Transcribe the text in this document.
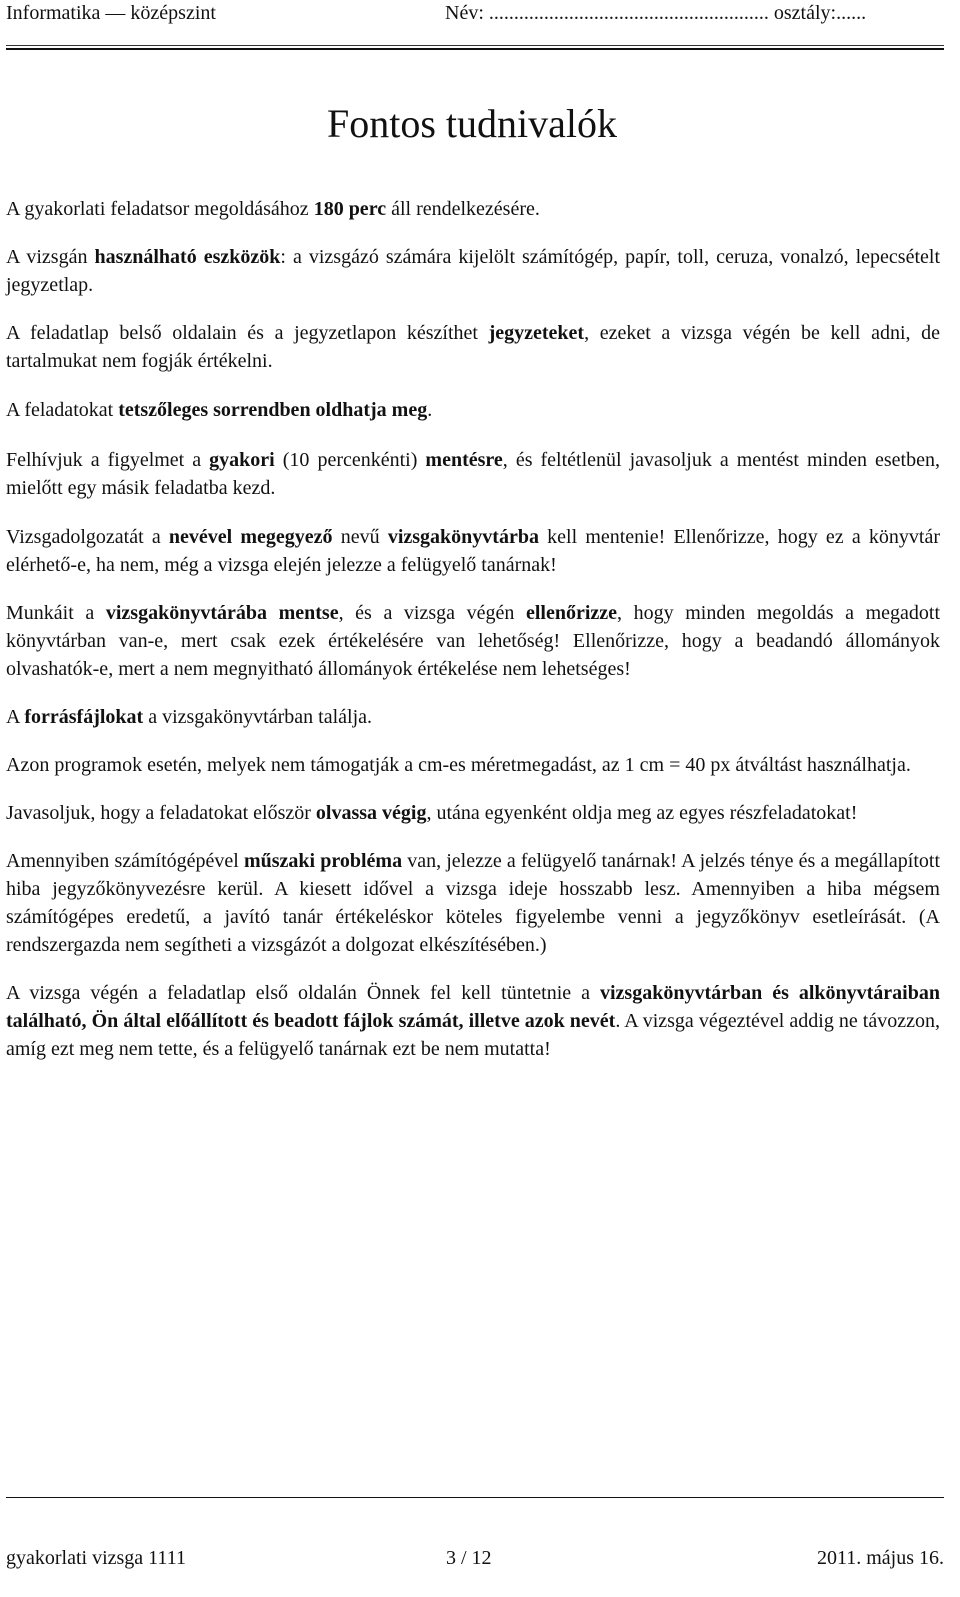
Informatika — középszint	Név: ........................................................ osztály:......
Fontos tudnivalók

A gyakorlati feladatsor megoldásához 180 perc áll rendelkezésére.

A vizsgán használható eszközök: a vizsgázó számára kijelölt számítógép, papír, toll, ceruza, vonalzó, lepecsételt jegyzetlap.

A feladatlap belső oldalain és a jegyzetlapon készíthet jegyzeteket, ezeket a vizsga végén be kell adni, de tartalmukat nem fogják értékelni.

A feladatokat tetszőleges sorrendben oldhatja meg.

Felhívjuk a figyelmet a gyakori (10 percenkénti) mentésre, és feltétlenül javasoljuk a mentést minden esetben, mielőtt egy másik feladatba kezd.

Vizsgadolgozatát a nevével megegyező nevű vizsgakönyvtárba kell mentenie! Ellenőrizze, hogy ez a könyvtár elérhető-e, ha nem, még a vizsga elején jelezze a felügyelő tanárnak!

Munkáit a vizsgakönyvtárába mentse, és a vizsga végén ellenőrizze, hogy minden megoldás a megadott könyvtárban van-e, mert csak ezek értékelésére van lehetőség! Ellenőrizze, hogy a beadandó állományok olvashatók-e, mert a nem megnyitható állományok értékelése nem lehetséges!

A forrásfájlokat a vizsgakönyvtárban találja.

Azon programok esetén, melyek nem támogatják a cm-es méretmegadást, az 1 cm = 40 px átváltást használhatja.

Javasoljuk, hogy a feladatokat először olvassa végig, utána egyenként oldja meg az egyes részfeladatokat!

Amennyiben számítógépével műszaki probléma van, jelezze a felügyelő tanárnak! A jelzés ténye és a megállapított hiba jegyzőkönyvezésre kerül. A kiesett idővel a vizsga ideje hosszabb lesz. Amennyiben a hiba mégsem számítógépes eredetű, a javító tanár értékeléskor köteles figyelembe venni a jegyzőkönyv esetleírását. (A rendszergazda nem segítheti a vizsgázót a dolgozat elkészítésében.)

A vizsga végén a feladatlap első oldalán Önnek fel kell tüntetnie a vizsgakönyvtárban és alkönyvtáraiban található, Ön által előállított és beadott fájlok számát, illetve azok nevét. A vizsga végeztével addig ne távozzon, amíg ezt meg nem tette, és a felügyelő tanárnak ezt be nem mutatta!

gyakorlati vizsga 1111	3 / 12	2011. május 16.
